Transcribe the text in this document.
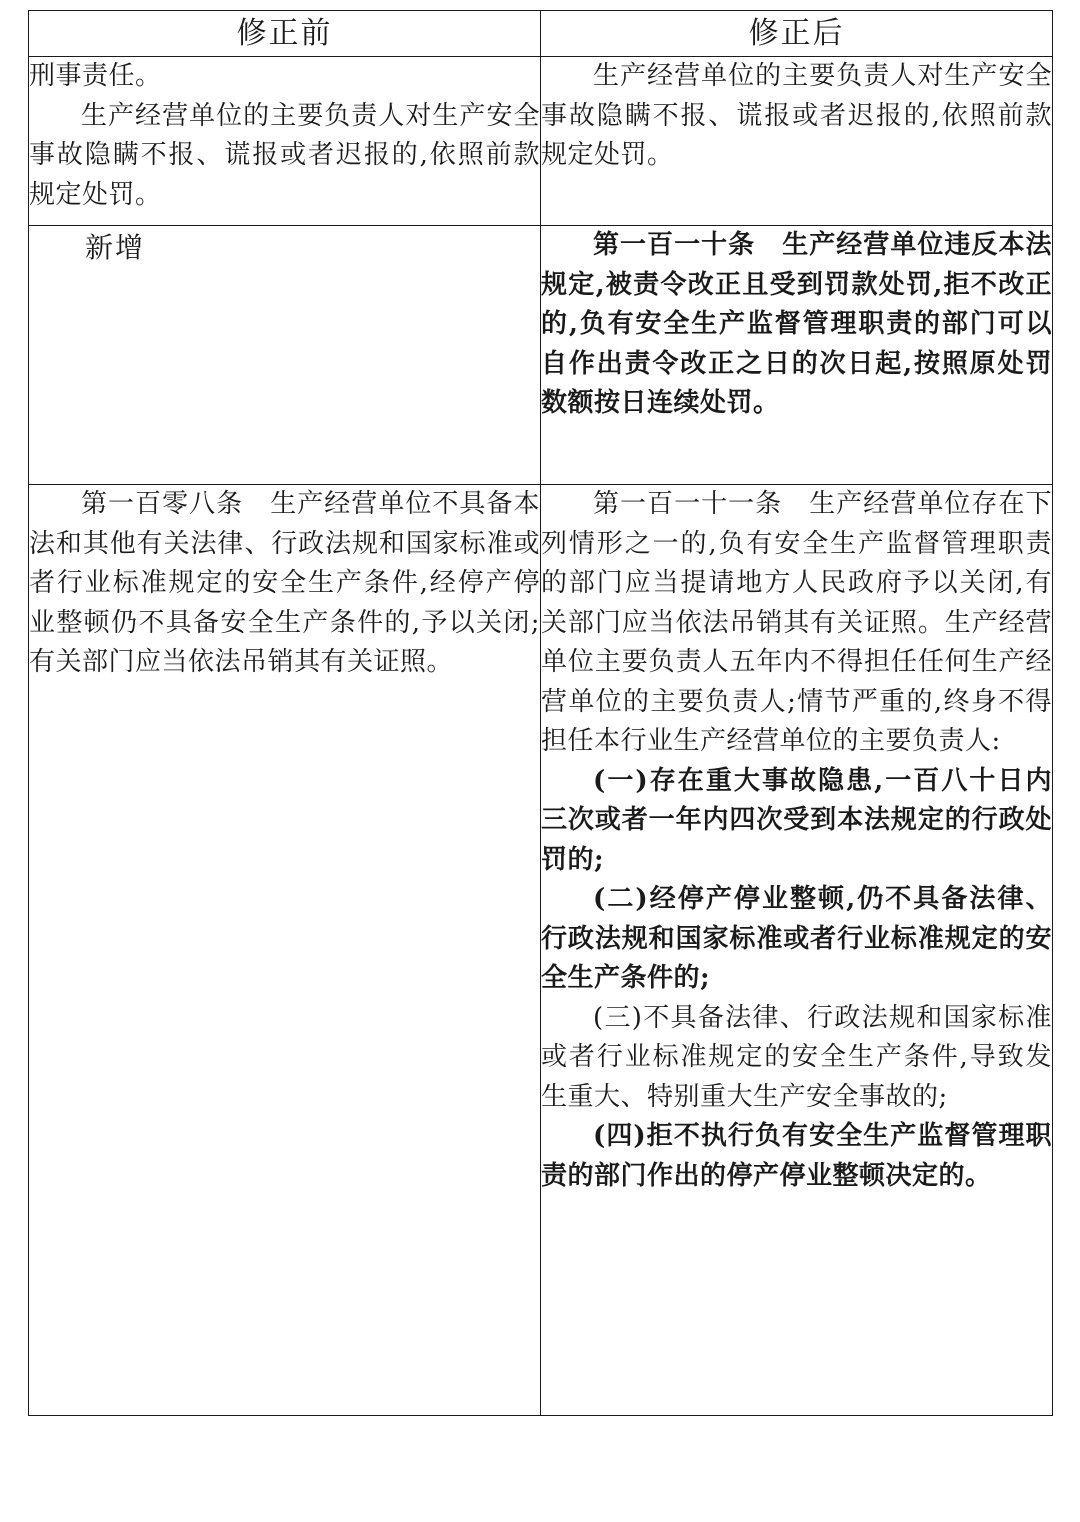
修正前	修正后

刑事责任。

生产经营单位的主要负责人对生产安全事故隐瞒不报、谎报或者迟报的,依照前款规定处罚。	生产经营单位的主要负责人对生产安全事故隐瞒不报、谎报或者迟报的,依照前款规定处罚。

新增	第一百一十条　生产经营单位违反本法规定,被责令改正且受到罚款处罚,拒不改正的,负有安全生产监督管理职责的部门可以自作出责令改正之日的次日起,按照原处罚数额按日连续处罚。

第一百零八条　生产经营单位不具备本法和其他有关法律、行政法规和国家标准或者行业标准规定的安全生产条件,经停产停业整顿仍不具备安全生产条件的,予以关闭;有关部门应当依法吊销其有关证照。	第一百一十一条　生产经营单位存在下列情形之一的,负有安全生产监督管理职责的部门应当提请地方人民政府予以关闭,有关部门应当依法吊销其有关证照。生产经营单位主要负责人五年内不得担任任何生产经营单位的主要负责人;情节严重的,终身不得担任本行业生产经营单位的主要负责人:

(一)存在重大事故隐患,一百八十日内三次或者一年内四次受到本法规定的行政处罚的;

(二)经停产停业整顿,仍不具备法律、行政法规和国家标准或者行业标准规定的安全生产条件的;

(三)不具备法律、行政法规和国家标准或者行业标准规定的安全生产条件,导致发生重大、特别重大生产安全事故的;

(四)拒不执行负有安全生产监督管理职责的部门作出的停产停业整顿决定的。
